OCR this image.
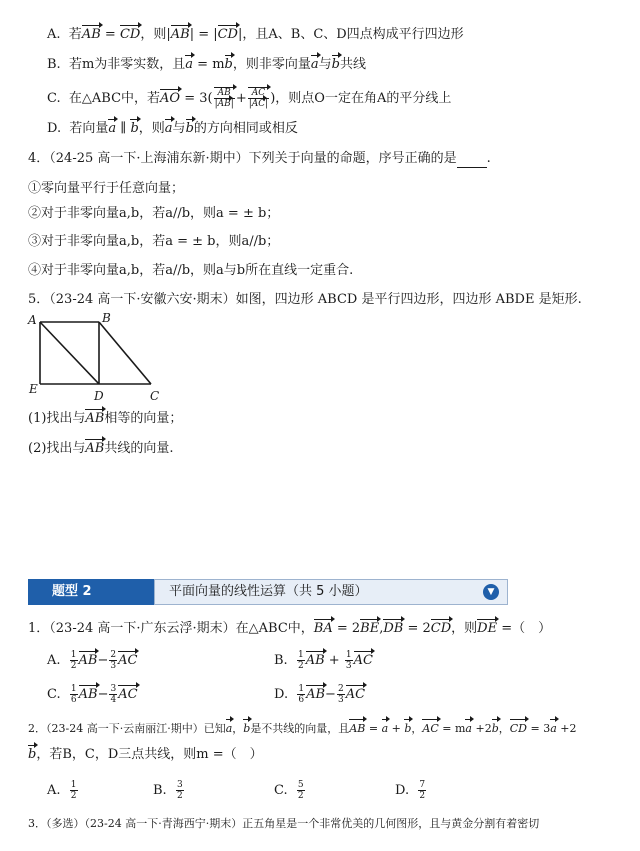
A. 若AB = CD，则|AB| = |CD|，且A、B、C、D四点构成平行四边形
B. 若m为非零实数，且a = mb，则非零向量a与b共线
C. 在△ABC中，若AO = $3( \frac{AB}{|AB|} + \frac{AC}{|AC|}$ )，则点O一定在角A的平分线上
D. 若向量a ∥ b，则a与b的方向相同或相反
4．（24-25 高一下·上海浦东新·期中）下列关于向量的命题，序号正确的是 .
①零向量平行于任意向量；
②对于非零向量a,b，若a//b，则a = ± b；
③对于非零向量a,b，若a = ± b，则a//b；
④对于非零向量a,b，若a//b，则a与b所在直线一定重合.
5．（23-24 高一下·安徽六安·期末）如图，四边形 ABCD 是平行四边形，四边形 ABDE 是矩形.
A	B
E	D	C
(1)找出与AB相等的向量；
(2)找出与AB共线的向量.
题型 2	平面向量的线性运算（共 5 小题）	▼
1．（23-24 高一下·广东云浮·期末）在△ABC中，BA = 2BE,DB = 2CD，则DE =（　）
A. $\frac{1}{2} AB- \frac{2}{3}$ AC	B. $\frac{1}{2}$ AB + $\frac{1}{3}$ AC
C. $\frac{1}{6} AB- \frac{3}{4}$ AC	D. $\frac{1}{6} AB- \frac{2}{3}$ AC
2．（23-24 高一下·云南丽江·期中）已知a，b是不共线的向量，且AB = a + b，AC = ma +2b，CD = 3a +2
b，若B，C，D三点共线，则m =（　）
A. $\frac{1}{2}$	B. $\frac{3}{2}$	C. $\frac{5}{2}$	D. $\frac{7}{2}$
3．（多选）（23-24 高一下·青海西宁·期末）正五角星是一个非常优美的几何图形，且与黄金分割有着密切
